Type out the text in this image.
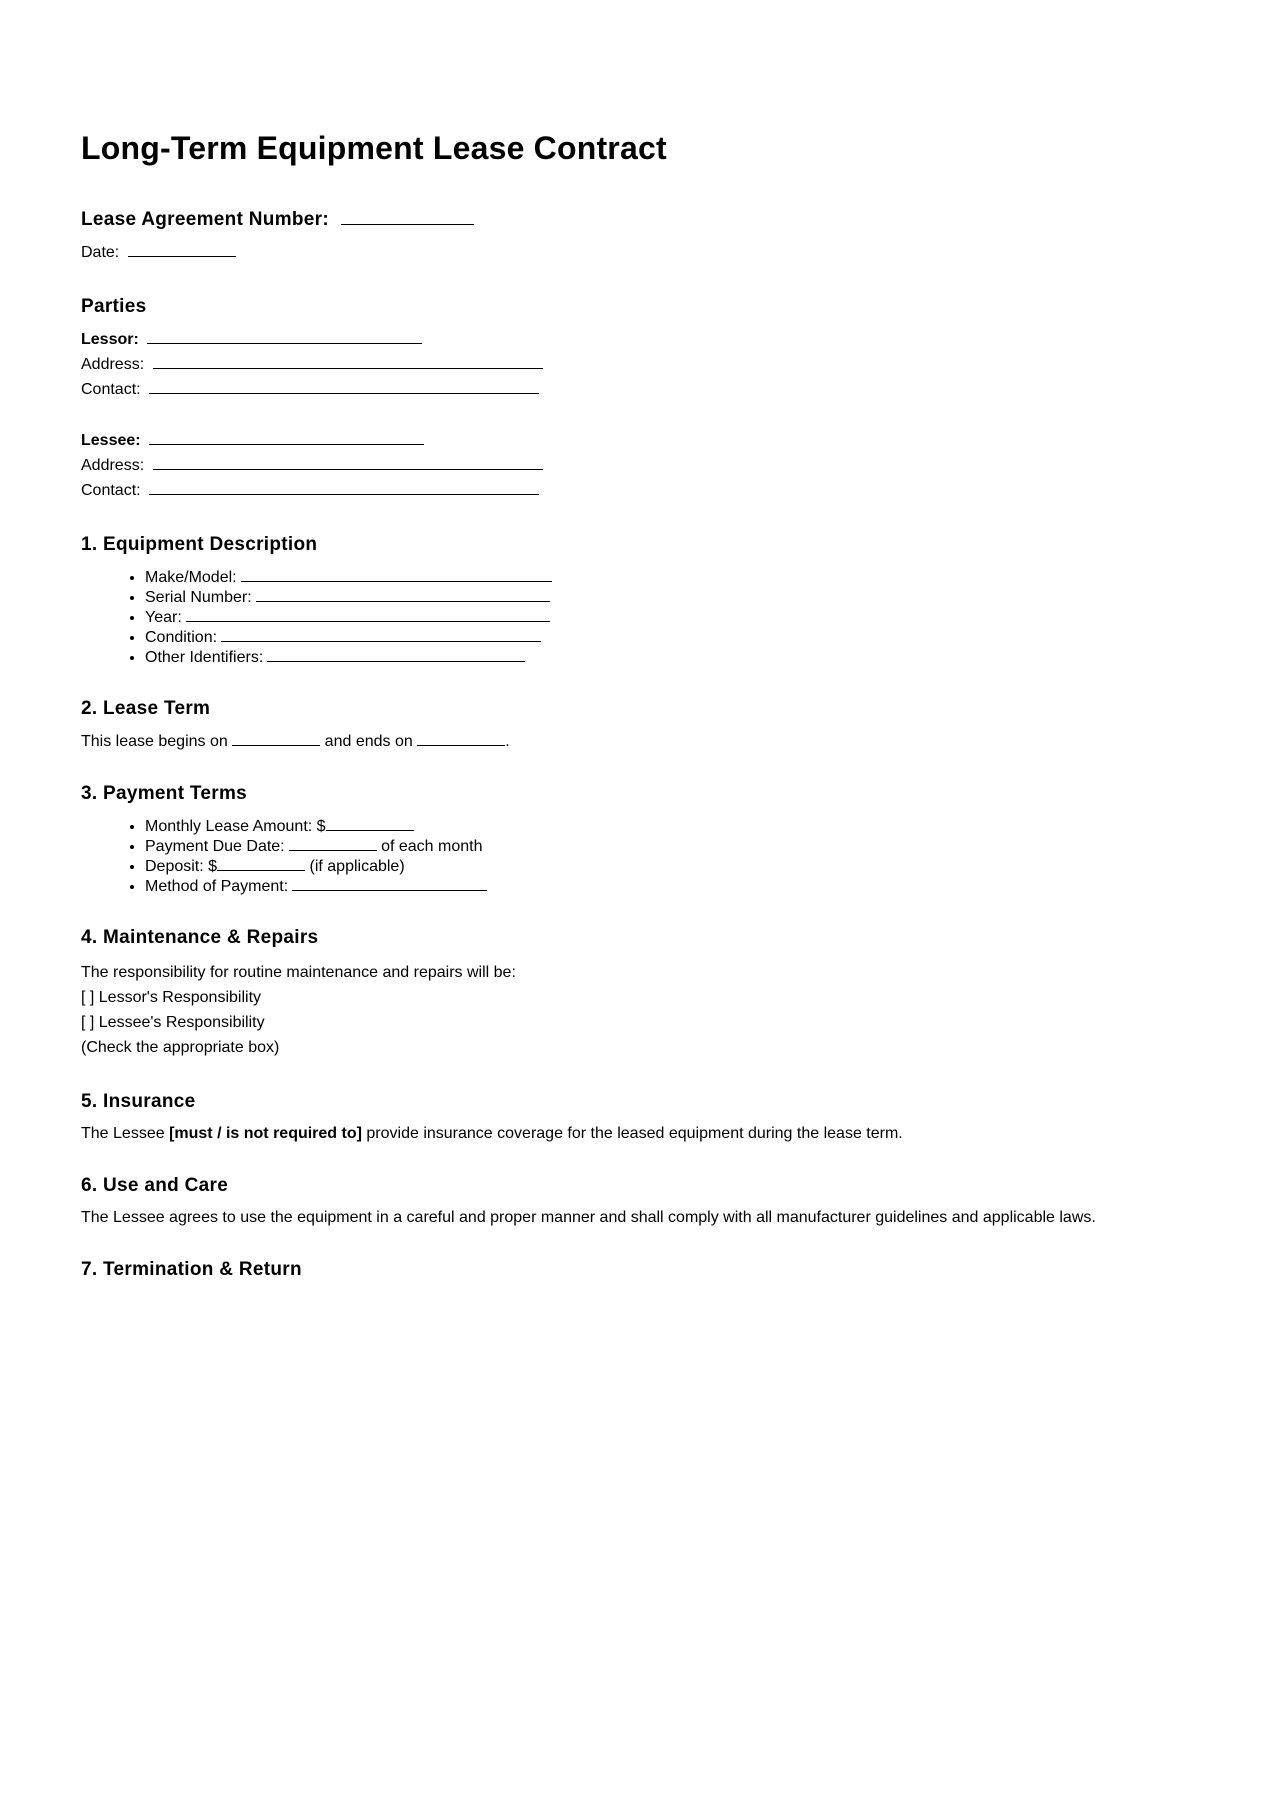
Long-Term Equipment Lease Contract
Lease Agreement Number:
Date:
Parties
Lessor:
Address:
Contact:
Lessee:
Address:
Contact:
1. Equipment Description
• Make/Model:
• Serial Number:
• Year:
• Condition:
• Other Identifiers:
2. Lease Term

This lease begins on	and ends on	.

3. Payment Terms
• Monthly Lease Amount: $
• Payment Due Date:	of each month
• Deposit: $	(if applicable)
• Method of Payment:
4. Maintenance & Repairs
The responsibility for routine maintenance and repairs will be:
[ ] Lessor's Responsibility
[ ] Lessee's Responsibility
(Check the appropriate box)
5. Insurance

The Lessee [must / is not required to] provide insurance coverage for the leased equipment during the lease term.

6. Use and Care

The Lessee agrees to use the equipment in a careful and proper manner and shall comply with all manufacturer guidelines and applicable laws.

7. Termination & Return
